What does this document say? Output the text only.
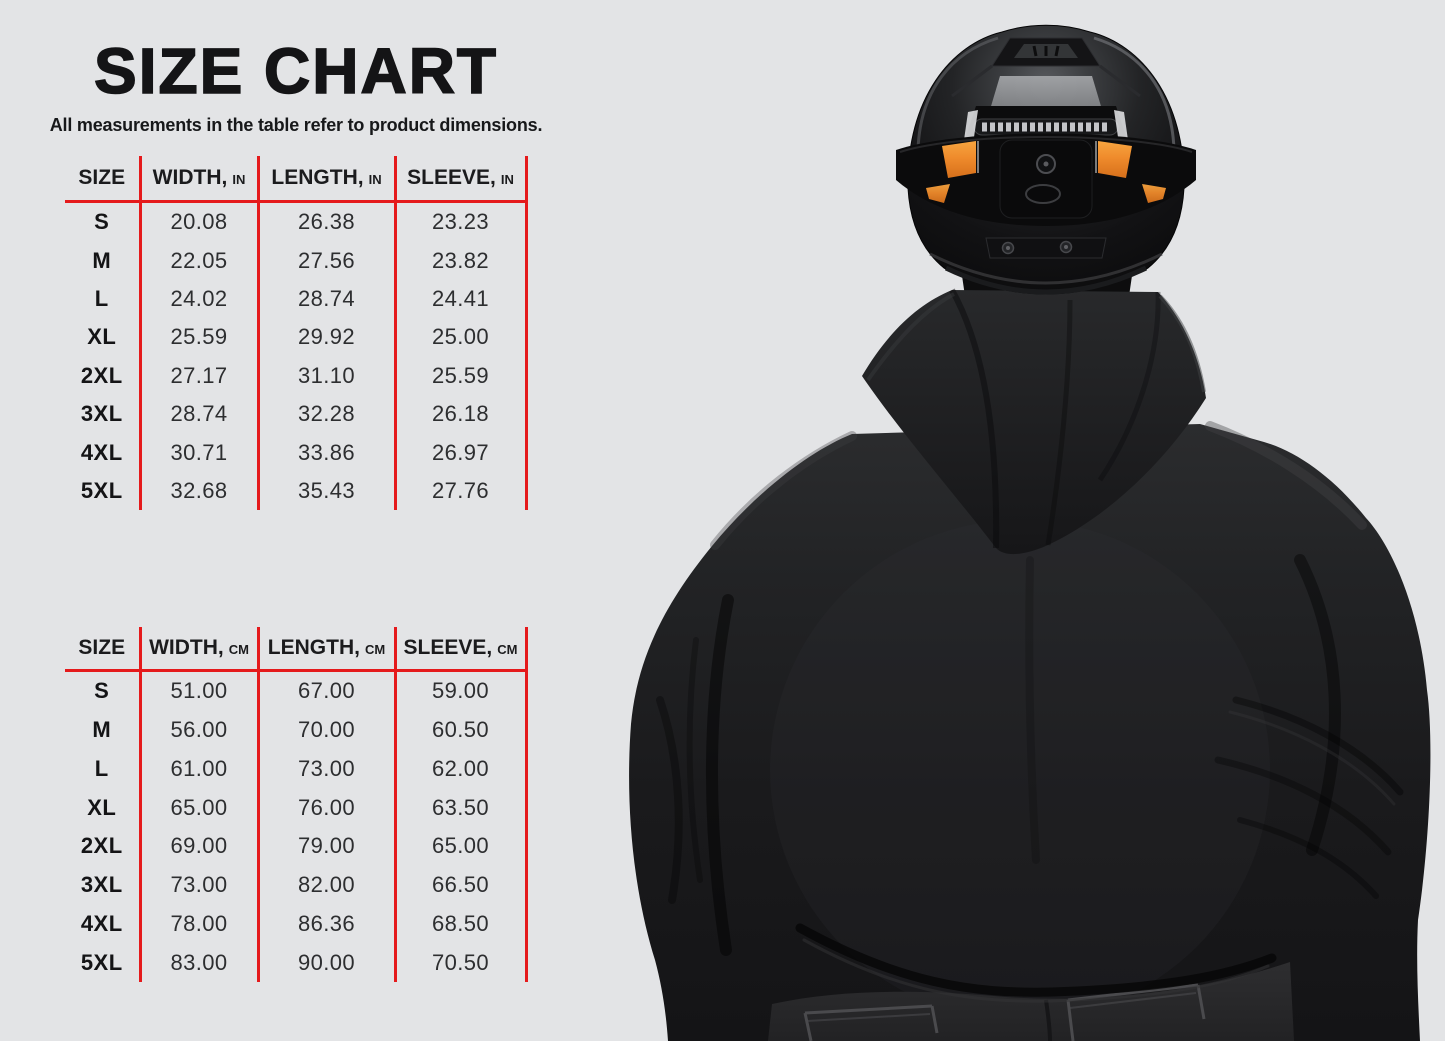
SIZE CHART

All measurements in the table refer to product dimensions.

SIZE	WIDTH, IN	LENGTH, IN	SLEEVE, IN
S	20.08	26.38	23.23
M	22.05	27.56	23.82
L	24.02	28.74	24.41
XL	25.59	29.92	25.00
2XL	27.17	31.10	25.59
3XL	28.74	32.28	26.18
4XL	30.71	33.86	26.97
5XL	32.68	35.43	27.76
SIZE	WIDTH, CM	LENGTH, CM	SLEEVE, CM
S	51.00	67.00	59.00
M	56.00	70.00	60.50
L	61.00	73.00	62.00
XL	65.00	76.00	63.50
2XL	69.00	79.00	65.00
3XL	73.00	82.00	66.50
4XL	78.00	86.36	68.50
5XL	83.00	90.00	70.50
